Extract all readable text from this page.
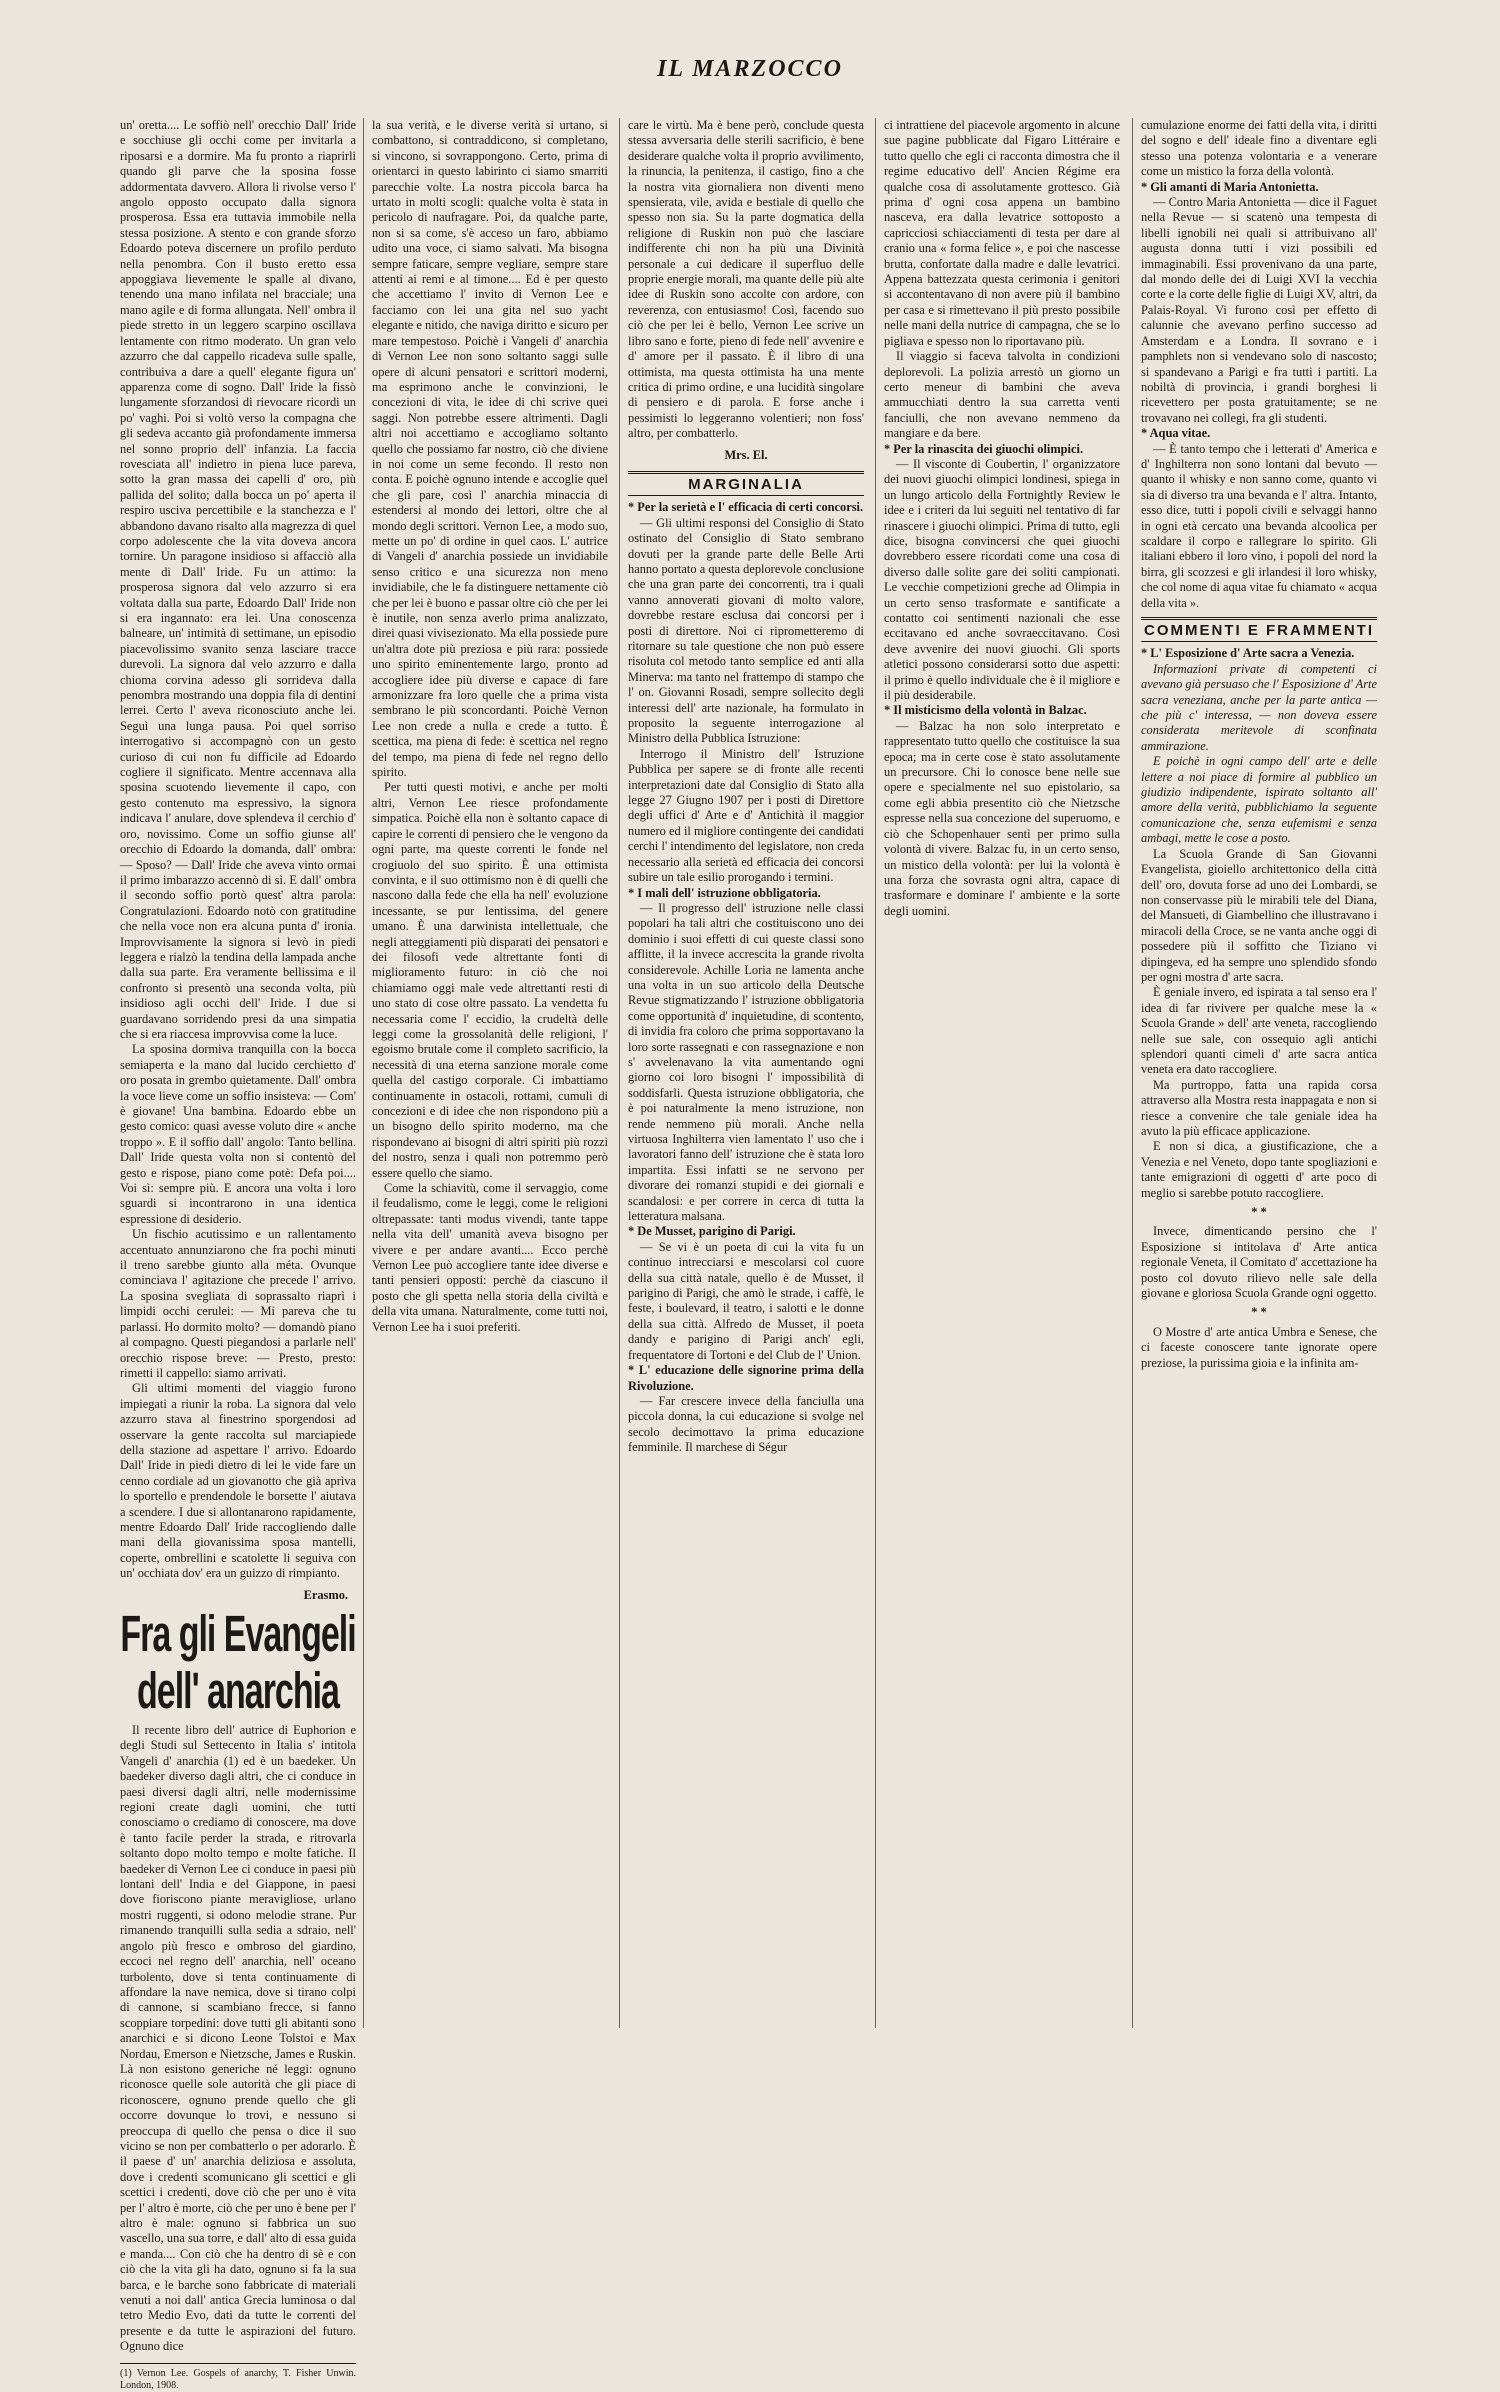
IL MARZOCCO

un' oretta.... Le soffiò nell' orecchio Dall' Iride e socchiuse gli occhi come per invitarla a riposarsi e a dormire. Ma fu pronto a riaprirli quando gli parve che la sposina fosse addormentata davvero. Allora li rivolse verso l' angolo opposto occupato dalla signora prosperosa. Essa era tuttavia immobile nella stessa posizione. A stento e con grande sforzo Edoardo poteva discernere un profilo perduto nella penombra. Con il busto eretto essa appoggiava lievemente le spalle al divano, tenendo una mano infilata nel bracciale; una mano agile e di forma allungata. Nell' ombra il piede stretto in un leggero scarpino oscillava lentamente con ritmo moderato. Un gran velo azzurro che dal cappello ricadeva sulle spalle, contribuiva a dare a quell' elegante figura un' apparenza come di sogno. Dall' Iride la fissò lungamente sforzandosi di rievocare ricordi un po' vaghi. Poi si voltò verso la compagna che gli sedeva accanto già profondamente immersa nel sonno proprio dell' infanzia. La faccia rovesciata all' indietro in piena luce pareva, sotto la gran massa dei capelli d' oro, più pallida del solito; dalla bocca un po' aperta il respiro usciva percettibile e la stanchezza e l' abbandono davano risalto alla magrezza di quel corpo adolescente che la vita doveva ancora tornire. Un paragone insidioso si affacciò alla mente di Dall' Iride. Fu un attimo: la prosperosa signora dal velo azzurro si era voltata dalla sua parte, Edoardo Dall' Iride non si era ingannato: era lei. Una conoscenza balneare, un' intimità di settimane, un episodio piacevolissimo svanito senza lasciare tracce durevoli. La signora dal velo azzurro e dalla chioma corvina adesso gli sorrideva dalla penombra mostrando una doppia fila di dentini lerrei. Certo l' aveva riconosciuto anche lei. Seguì una lunga pausa. Poi quel sorriso interrogativo si accompagnò con un gesto curioso di cui non fu difficile ad Edoardo cogliere il significato. Mentre accennava alla sposina scuotendo lievemente il capo, con gesto contenuto ma espressivo, la signora indicava l' anulare, dove splendeva il cerchio d' oro, novissimo. Come un soffio giunse all' orecchio di Edoardo la domanda, dall' ombra: — Sposo? — Dall' Iride che aveva vinto ormai il primo imbarazzo accennò di sì. E dall' ombra il secondo soffio portò quest' altra parola: Congratulazioni. Edoardo notò con gratitudine che nella voce non era alcuna punta d' ironia. Improvvisamente la signora si levò in piedi leggera e rialzò la tendina della lampada anche dalla sua parte. Era veramente bellissima e il confronto si presentò una seconda volta, più insidioso agli occhi dell' Iride. I due si guardavano sorridendo presi da una simpatia che si era riaccesa improvvisa come la luce.

La sposina dormiva tranquilla con la bocca semiaperta e la mano dal lucido cerchietto d' oro posata in grembo quietamente. Dall' ombra la voce lieve come un soffio insisteva: — Com' è giovane! Una bambina. Edoardo ebbe un gesto comico: quasi avesse voluto dire « anche troppo ». E il soffio dall' angolo: Tanto bellina. Dall' Iride questa volta non si contentò del gesto e rispose, piano come potè: Defa poi.... Voi sì: sempre più. E ancora una volta i loro sguardi si incontrarono in una identica espressione di desiderio.

Un fischio acutissimo e un rallentamento accentuato annunziarono che fra pochi minuti il treno sarebbe giunto alla méta. Ovunque cominciava l' agitazione che precede l' arrivo. La sposina svegliata di soprassalto riaprì i limpidi occhi cerulei: — Mi pareva che tu parlassi. Ho dormito molto? — domandò piano al compagno. Questi piegandosi a parlarle nell' orecchio rispose breve: — Presto, presto: rimetti il cappello: siamo arrivati.

Gli ultimi momenti del viaggio furono impiegati a riunir la roba. La signora dal velo azzurro stava al finestrino sporgendosi ad osservare la gente raccolta sul marciapiede della stazione ad aspettare l' arrivo. Edoardo Dall' Iride in piedi dietro di lei le vide fare un cenno cordiale ad un giovanotto che già aprìva lo sportello e prendendole le borsette l' aiutava a scendere. I due si allontanarono rapidamente, mentre Edoardo Dall' Iride raccogliendo dalle mani della giovanissima sposa mantelli, coperte, ombrellini e scatolette li seguiva con un' occhiata dov' era un guizzo di rimpianto.

Erasmo.
Fra gli Evangeli dell' anarchia

Il recente libro dell' autrice di Euphorion e degli Studi sul Settecento in Italia s' intitola Vangeli d' anarchia (1) ed è un baedeker. Un baedeker diverso dagli altri, che ci conduce in paesi diversi dagli altri, nelle modernissime regioni create dagli uomini, che tutti conosciamo o crediamo di conoscere, ma dove è tanto facile perder la strada, e ritrovarla soltanto dopo molto tempo e molte fatiche. Il baedeker di Vernon Lee ci conduce in paesi più lontani dell' India e del Giappone, in paesi dove fioriscono piante meravigliose, urlano mostri ruggenti, si odono melodie strane. Pur rimanendo tranquilli sulla sedia a sdraio, nell' angolo più fresco e ombroso del giardino, eccoci nel regno dell' anarchia, nell' oceano turbolento, dove si tenta continuamente di affondare la nave nemica, dove si tirano colpi di cannone, si scambiano frecce, si fanno scoppiare torpedini: dove tutti gli abitanti sono anarchici e si dicono Leone Tolstoi e Max Nordau, Emerson e Nietzsche, James e Ruskin. Là non esistono generiche né leggi: ognuno riconosce quelle sole autorità che gli piace di riconoscere, ognuno prende quello che gli occorre dovunque lo trovi, e nessuno si preoccupa di quello che pensa o dice il suo vicino se non per combatterlo o per adorarlo. È il paese d' un' anarchia deliziosa e assoluta, dove i credenti scomunicano gli scettici e gli scettici i credenti, dove ciò che per uno è vita per l' altro è morte, ciò che per uno è bene per l' altro è male: ognuno si fabbrica un suo vascello, una sua torre, e dall' alto di essa guida e manda.... Con ciò che ha dentro di sè e con ciò che la vita gli ha dato, ognuno si fa la sua barca, e le barche sono fabbricate di materiali venuti a noi dall' antica Grecia luminosa o dal tetro Medio Evo, dati da tutte le correnti del presente e da tutte le aspirazioni del futuro. Ognuno dice

(1) Vernon Lee. Gospels of anarchy, T. Fisher Unwin. London, 1908.

la sua verità, e le diverse verità si urtano, si combattono, si contraddicono, si completano, si vincono, si sovrappongono. Certo, prima di orientarci in questo labirinto ci siamo smarriti parecchie volte. La nostra piccola barca ha urtato in molti scogli: qualche volta è stata in pericolo di naufragare. Poi, da qualche parte, non si sa come, s'è acceso un faro, abbiamo udito una voce, ci siamo salvati. Ma bisogna sempre faticare, sempre vegliare, sempre stare attenti ai remi e al timone.... Ed è per questo che accettiamo l' invito di Vernon Lee e facciamo con lei una gita nel suo yacht elegante e nitido, che naviga diritto e sicuro per mare tempestoso. Poichè i Vangeli d' anarchia di Vernon Lee non sono soltanto saggi sulle opere di alcuni pensatori e scrittori moderni, ma esprimono anche le convinzioni, le concezioni di vita, le idee di chi scrive quei saggi. Non potrebbe essere altrimenti. Dagli altri noi accettiamo e accogliamo soltanto quello che possiamo far nostro, ciò che diviene in noi come un seme fecondo. Il resto non conta. E poichè ognuno intende e accoglie quel che gli pare, così l' anarchia minaccia di estendersi al mondo dei lettori, oltre che al mondo degli scrittori. Vernon Lee, a modo suo, mette un po' di ordine in quel caos. L' autrice di Vangeli d' anarchia possiede un invidiabile senso critico e una sicurezza non meno invidiabile, che le fa distinguere nettamente ciò che per lei è buono e passar oltre ciò che per lei è inutile, non senza averlo prima analizzato, direi quasi vivisezionato. Ma ella possiede pure un'altra dote più preziosa e più rara: possiede uno spirito eminentemente largo, pronto ad accogliere idee più diverse e capace di fare armonizzare fra loro quelle che a prima vista sembrano le più sconcordanti. Poichè Vernon Lee non crede a nulla e crede a tutto. È scettica, ma piena di fede: è scettica nel regno del tempo, ma piena di fede nel regno dello spirito.

Per tutti questi motivi, e anche per molti altri, Vernon Lee riesce profondamente simpatica. Poichè ella non è soltanto capace di capire le correnti di pensiero che le vengono da ogni parte, ma queste correnti le fonde nel crogiuolo del suo spirito. È una ottimista convinta, e il suo ottimismo non è di quelli che nascono dalla fede che ella ha nell' evoluzione incessante, se pur lentissima, del genere umano. È una darwinista intellettuale, che negli atteggiamenti più disparati dei pensatori e dei filosofi vede altrettante fonti di miglioramento futuro: in ciò che noi chiamiamo oggi male vede altrettanti resti di uno stato di cose oltre passato. La vendetta fu necessaria come l' eccidio, la crudeltà delle leggi come la grossolanità delle religioni, l' egoismo brutale come il completo sacrificio, la necessità di una eterna sanzione morale come quella del castigo corporale. Ci imbattiamo continuamente in ostacoli, rottami, cumuli di concezioni e di idee che non rispondono più a un bisogno dello spirito moderno, ma che rispondevano ai bisogni di altri spiriti più rozzi del nostro, senza i quali non potremmo però essere quello che siamo.

Come la schiavitù, come il servaggio, come il feudalismo, come le leggi, come le religioni oltrepassate: tanti modus vivendi, tante tappe nella vita dell' umanità aveva bisogno per vivere e per andare avanti.... Ecco perchè Vernon Lee può accogliere tante idee diverse e tanti pensieri opposti: perchè da ciascuno il posto che gli spetta nella storia della civiltà e della vita umana. Naturalmente, come tutti noi, Vernon Lee ha i suoi preferiti.

care le virtù. Ma è bene però, conclude questa stessa avversaria delle sterili sacrificio, è bene desiderare qualche volta il proprio avvilimento, la rinuncia, la penitenza, il castigo, fino a che la nostra vita giornaliera non diventi meno spensierata, vile, avida e bestiale di quello che spesso non sia. Su la parte dogmatica della religione di Ruskin non può che lasciare indifferente chi non ha più una Divinità personale a cui dedicare il superfluo delle proprie energie morali, ma quante delle più alte idee di Ruskin sono accolte con ardore, con reverenza, con entusiasmo! Così, facendo suo ciò che per lei è bello, Vernon Lee scrive un libro sano e forte, pieno di fede nell' avvenire e d' amore per il passato. È il libro di una ottimista, ma questa ottimista ha una mente critica di primo ordine, e una lucidità singolare di pensiero e di parola. E forse anche i pessimisti lo leggeranno volentieri; non foss' altro, per combatterlo.

Mrs. El.
MARGINALIA

* Per la serietà e l' efficacia di certi concorsi.

— Gli ultimi responsi del Consiglio di Stato ostinato del Consiglio di Stato sembrano dovuti per la grande parte delle Belle Arti hanno portato a questa deplorevole conclusione che una gran parte dei concorrenti, tra i quali vanno annoverati giovani di molto valore, dovrebbe restare esclusa dai concorsi per i posti di direttore. Noi ci riprometteremo di ritornare su tale questione che non può essere risoluta col metodo tanto semplice ed anti alla Minerva: ma tanto nel frattempo di stampo che l' on. Giovanni Rosadi, sempre sollecito degli interessi dell' arte nazionale, ha formulato in proposito la seguente interrogazione al Ministro della Pubblica Istruzione:

Interrogo il Ministro dell' Istruzione Pubblica per sapere se di fronte alle recenti interpretazioni date dal Consiglio di Stato alla legge 27 Giugno 1907 per i posti di Direttore degli uffici d' Arte e d' Antichità il maggior numero ed il migliore contingente dei candidati cerchi l' intendimento del legislatore, non creda necessario alla serietà ed efficacia dei concorsi subire un tale esilio prorogando i termini.

* I mali dell' istruzione obbligatoria.

— Il progresso dell' istruzione nelle classi popolari ha tali altri che costituiscono uno dei dominio i suoi effetti di cui queste classi sono afflitte, il la invece accrescita la grande rivolta considerevole. Achille Loria ne lamenta anche una volta in un suo articolo della Deutsche Revue stigmatizzando l' istruzione obbligatoria come opportunità d' inquietudine, di scontento, di invidia fra coloro che prima sopportavano la loro sorte rassegnati e con rassegnazione e non s' avvelenavano la vita aumentando ogni giorno coi loro bisogni l' impossibilità di soddisfarli. Questa istruzione obbligatoria, che è poi naturalmente la meno istruzione, non rende nemmeno più morali. Anche nella virtuosa Inghilterra vien lamentato l' uso che i lavoratori fanno dell' istruzione che è stata loro impartita. Essi infatti se ne servono per divorare dei romanzi stupidi e dei giornali e scandalosi: e per correre in cerca di tutta la letteratura malsana.

* De Musset, parigino di Parigi.

— Se vi è un poeta di cui la vita fu un continuo intrecciarsi e mescolarsi col cuore della sua città natale, quello è de Musset, il parigino di Parigi, che amò le strade, i caffè, le feste, i boulevard, il teatro, i salotti e le donne della sua città. Alfredo de Musset, il poeta dandy e parigino di Parigi anch' egli, frequentatore di Tortoni e del Club de l' Union.

* L' educazione delle signorine prima della Rivoluzione.

— Far crescere invece della fanciulla una piccola donna, la cui educazione si svolge nel secolo decimottavo la prima educazione femminile. Il marchese di Ségur

ci intrattiene del piacevole argomento in alcune sue pagine pubblicate dal Figaro Littéraire e tutto quello che egli ci racconta dimostra che il regime educativo dell' Ancien Régime era qualche cosa di assolutamente grottesco. Già prima d' ogni cosa appena un bambino nasceva, era dalla levatrice sottoposto a capricciosi schiacciamenti di testa per dare al cranio una « forma felice », e poi che nascesse brutta, confortate dalla madre e dalle levatrici. Appena battezzata questa cerimonia i genitori si accontentavano di non avere più il bambino per casa e si rimettevano il più presto possibile nelle mani della nutrice di campagna, che se lo pigliava e spesso non lo riportavano più.

Il viaggio si faceva talvolta in condizioni deplorevoli. La polizia arrestò un giorno un certo meneur di bambini che aveva ammucchiati dentro la sua carretta venti fanciulli, che non avevano nemmeno da mangiare e da bere.

* Per la rinascita dei giuochi olimpici.

— Il visconte di Coubertin, l' organizzatore dei nuovi giuochi olimpici londinesi, spiega in un lungo articolo della Fortnightly Review le idee e i criteri da lui seguiti nel tentativo di far rinascere i giuochi olimpici. Prima di tutto, egli dice, bisogna convincersi che quei giuochi dovrebbero essere ricordati come una cosa di diverso dalle solite gare dei soliti campionati. Le vecchie competizioni greche ad Olimpia in un certo senso trasformate e santificate a contatto coi sentimenti nazionali che esse eccitavano ed anche sovraeccitavano. Così deve avvenire dei nuovi giuochi. Gli sports atletici possono considerarsi sotto due aspetti: il primo è quello individuale che è il migliore e il più desiderabile.

* Il misticismo della volontà in Balzac.

— Balzac ha non solo interpretato e rappresentato tutto quello che costituisce la sua epoca; ma in certe cose è stato assolutamente un precursore. Chi lo conosce bene nelle sue opere e specialmente nel suo epistolario, sa come egli abbia presentito ciò che Nietzsche espresse nella sua concezione del superuomo, e ciò che Schopenhauer sentì per primo sulla volontà di vivere. Balzac fu, in un certo senso, un mistico della volontà: per lui la volontà è una forza che sovrasta ogni altra, capace di trasformare e dominare l' ambiente e la sorte degli uomini.

cumulazione enorme dei fatti della vita, i diritti del sogno e dell' ideale fino a diventare egli stesso una potenza volontaria e a venerare come un mistico la forza della volontà.

* Gli amanti di Maria Antonietta.

— Contro Maria Antonietta — dice il Faguet nella Revue — si scatenò una tempesta di libelli ignobili nei quali si attribuivano all' augusta donna tutti i vizi possibili ed immaginabili. Essi provenivano da una parte, dal mondo delle dei di Luigi XVI la vecchia corte e la corte delle figlie di Luigi XV, altri, da Palais-Royal. Vi furono così per effetto di calunnie che avevano perfino successo ad Amsterdam e a Londra. Il sovrano e i pamphlets non si vendevano solo di nascosto; si spandevano a Parigi e fra tutti i partiti. La nobiltà di provincia, i grandi borghesi li ricevettero per posta gratuitamente; se ne trovavano nei collegi, fra gli studenti.

* Aqua vitae.

— È tanto tempo che i letterati d' America e d' Inghilterra non sono lontani dal bevuto — quanto il whisky e non sanno come, quanto vi sia di diverso tra una bevanda e l' altra. Intanto, esso dice, tutti i popoli civili e selvaggi hanno in ogni età cercato una bevanda alcoolica per scaldare il corpo e rallegrare lo spirito. Gli italiani ebbero il loro vino, i popoli del nord la birra, gli scozzesi e gli irlandesi il loro whisky, che col nome di aqua vitae fu chiamato « acqua della vita ».

COMMENTI E FRAMMENTI

* L' Esposizione d' Arte sacra a Venezia.

Informazioni private di competenti ci avevano già persuaso che l' Esposizione d' Arte sacra veneziana, anche per la parte antica — che più c' interessa, — non doveva essere considerata meritevole di sconfinata ammirazione.

E poichè in ogni campo dell' arte e delle lettere a noi piace di formire al pubblico un giudizio indipendente, ispirato soltanto all' amore della verità, pubblichiamo la seguente comunicazione che, senza eufemismi e senza ambagi, mette le cose a posto.

La Scuola Grande di San Giovanni Evangelista, gioiello architettonico della città dell' oro, dovuta forse ad uno dei Lombardi, se non conservasse più le mirabili tele del Diana, del Mansueti, di Giambellino che illustravano i miracoli della Croce, se ne vanta anche oggi di possedere più il soffitto che Tiziano vi dipingeva, ed ha sempre uno splendido sfondo per ogni mostra d' arte sacra.

È geniale invero, ed ispirata a tal senso era l' idea di far rivivere per qualche mese la « Scuola Grande » dell' arte veneta, raccogliendo nelle sue sale, con ossequio agli antichi splendori quanti cimeli d' arte sacra antica veneta era dato raccogliere.

Ma purtroppo, fatta una rapida corsa attraverso alla Mostra resta inappagata e non si riesce a convenire che tale geniale idea ha avuto la più efficace applicazione.

E non si dica, a giustificazione, che a Venezia e nel Veneto, dopo tante spogliazioni e tante emigrazioni di oggetti d' arte poco di meglio si sarebbe potuto raccogliere.

* *

Invece, dimenticando persino che l' Esposizione si intitolava d' Arte antica regionale Veneta, il Comitato d' accettazione ha posto col dovuto rilievo nelle sale della giovane e gloriosa Scuola Grande ogni oggetto.

* *

O Mostre d' arte antica Umbra e Senese, che ci faceste conoscere tante ignorate opere preziose, la purissima gioia e la infinita am-
